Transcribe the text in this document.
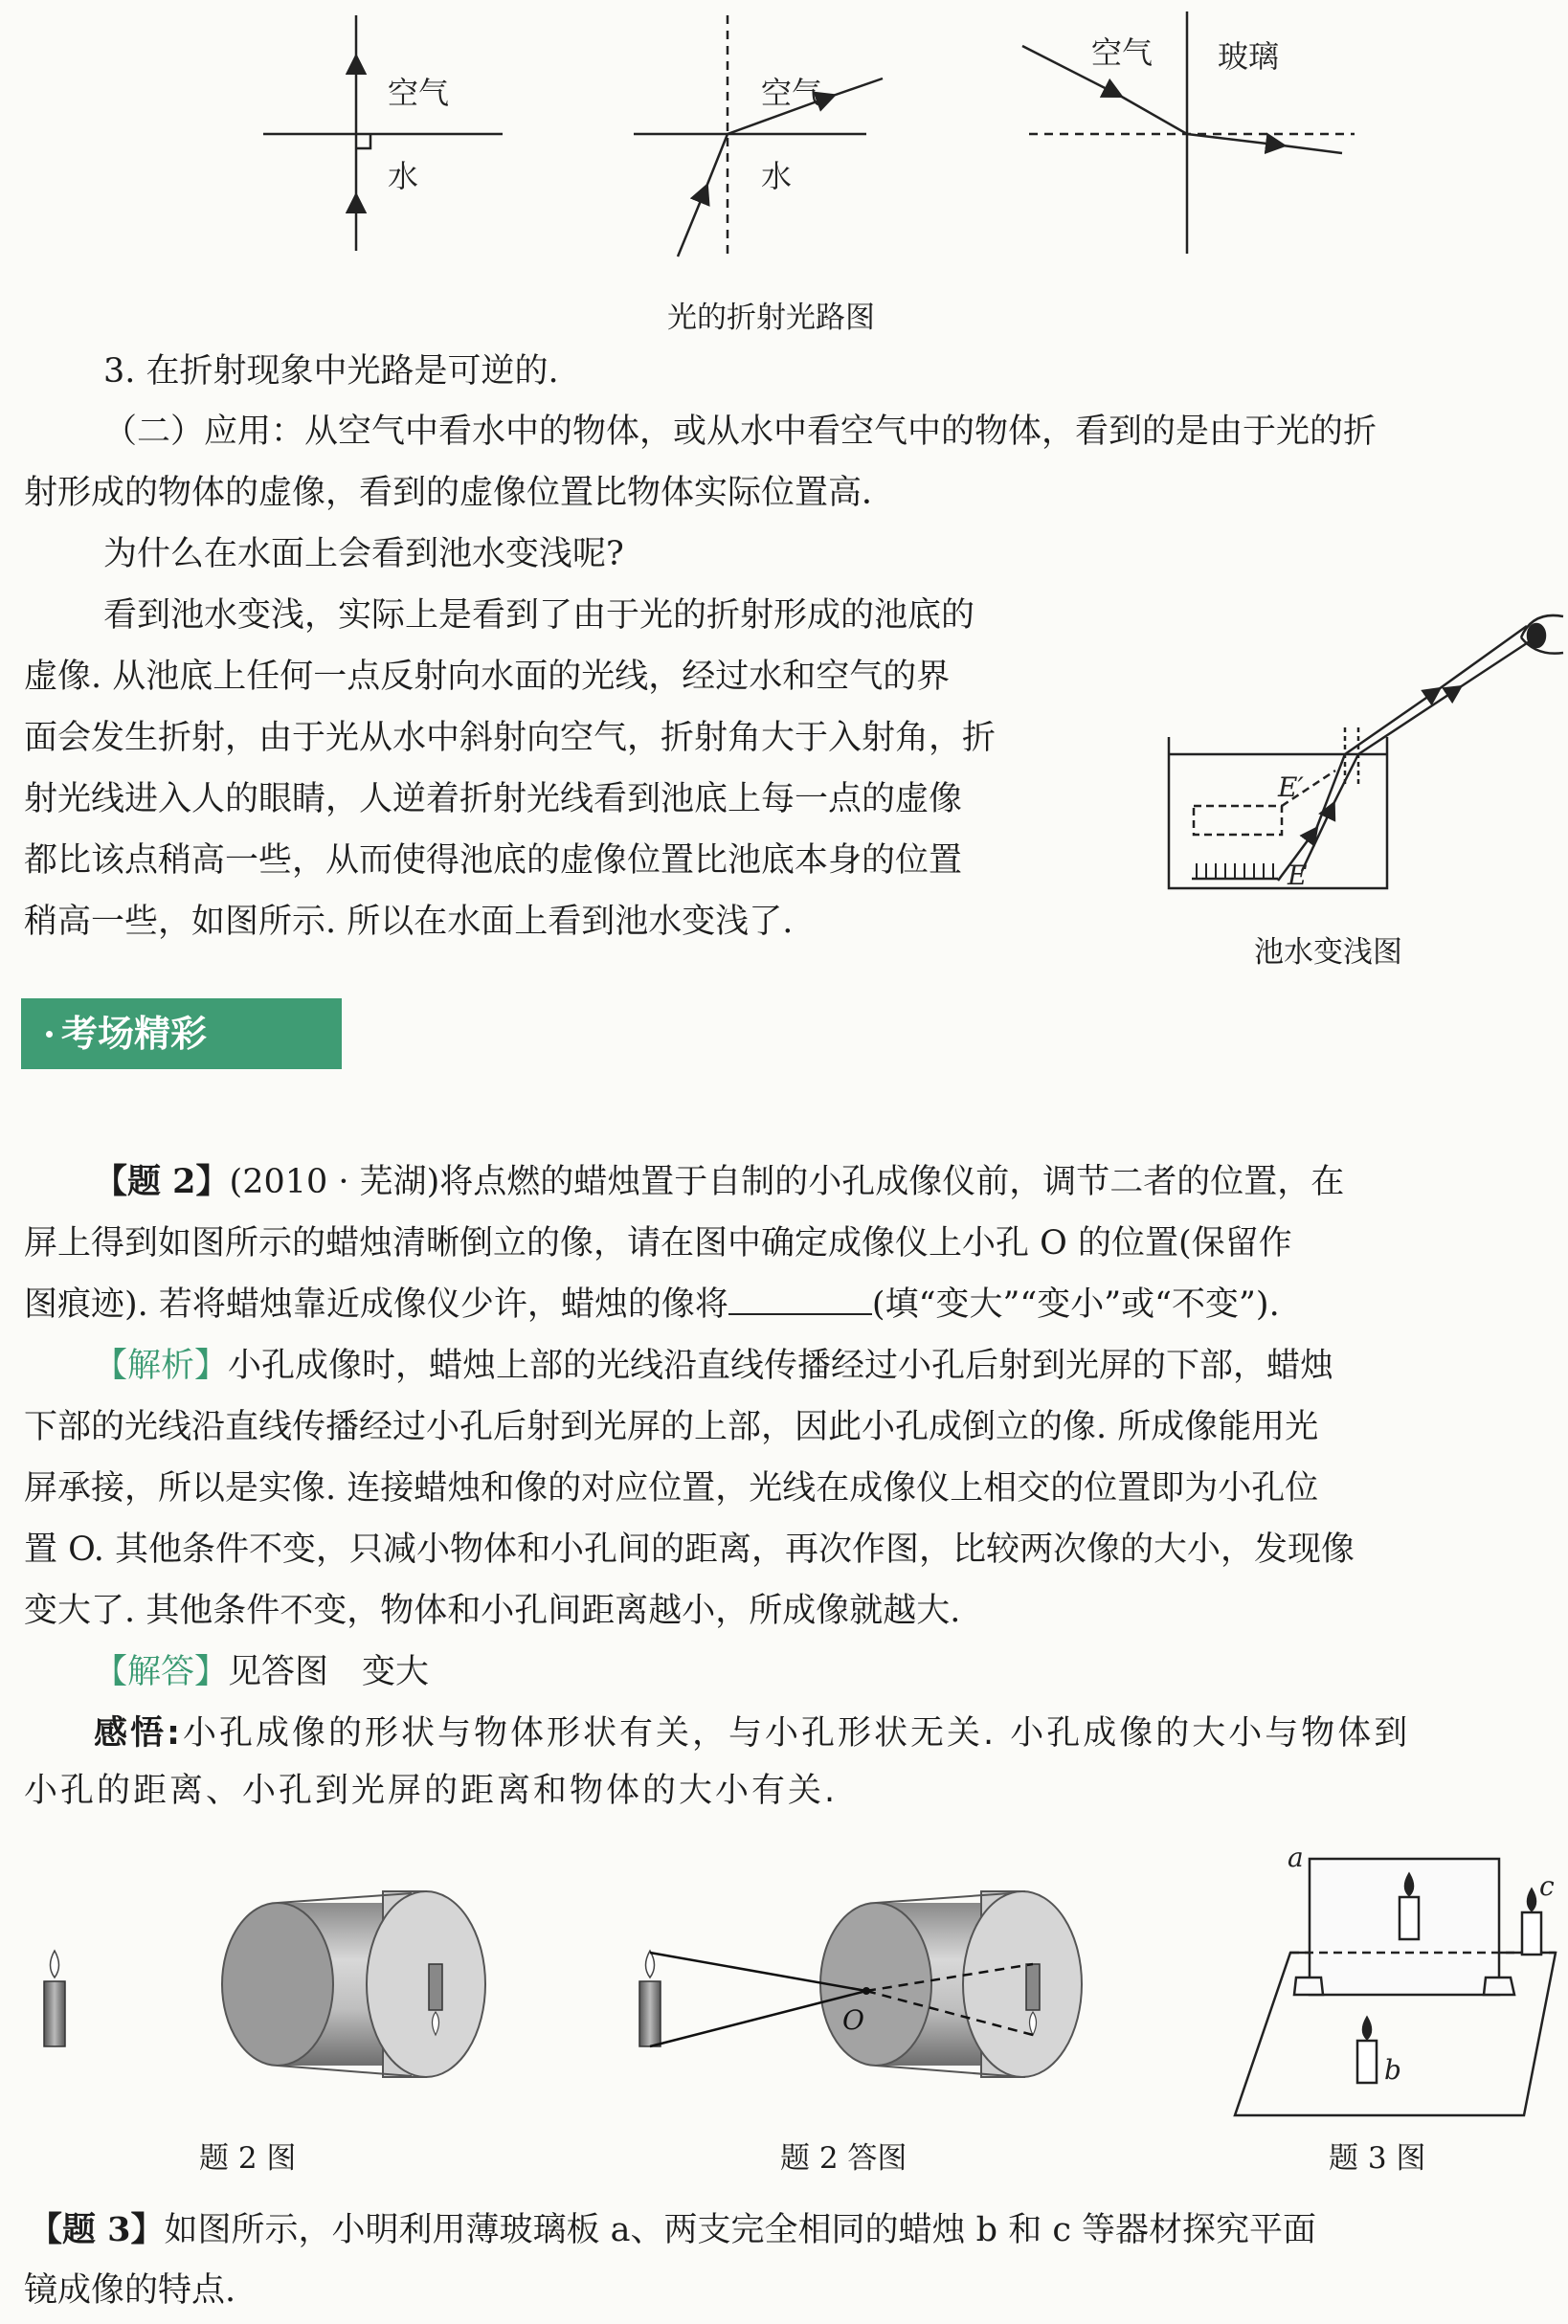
空气
水
空气
水
空气 玻璃
光的折射光路图
3. 在折射现象中光路是可逆的.
（二）应用：从空气中看水中的物体，或从水中看空气中的物体，看到的是由于光的折
射形成的物体的虚像，看到的虚像位置比物体实际位置高．
为什么在水面上会看到池水变浅呢?
看到池水变浅，实际上是看到了由于光的折射形成的池底的
虚像. 从池底上任何一点反射向水面的光线，经过水和空气的界
面会发生折射，由于光从水中斜射向空气，折射角大于入射角，折
射光线进入人的眼睛，人逆着折射光线看到池底上每一点的虚像
都比该点稍高一些，从而使得池底的虚像位置比池底本身的位置
稍高一些，如图所示. 所以在水面上看到池水变浅了.
E′
E
池水变浅图
考场精彩
【题 2】(2010 · 芜湖)将点燃的蜡烛置于自制的小孔成像仪前，调节二者的位置，在
屏上得到如图所示的蜡烛清晰倒立的像，请在图中确定成像仪上小孔 O 的位置(保留作
图痕迹). 若将蜡烛靠近成像仪少许，蜡烛的像将	(填“变大”“变小”或“不变”).
【解析】小孔成像时，蜡烛上部的光线沿直线传播经过小孔后射到光屏的下部，蜡烛
下部的光线沿直线传播经过小孔后射到光屏的上部，因此小孔成倒立的像. 所成像能用光
屏承接，所以是实像. 连接蜡烛和像的对应位置，光线在成像仪上相交的位置即为小孔位
置 O. 其他条件不变，只减小物体和小孔间的距离，再次作图，比较两次像的大小，发现像
变大了. 其他条件不变，物体和小孔间距离越小，所成像就越大.
【解答】见答图　变大
感悟:小孔成像的形状与物体形状有关，与小孔形状无关. 小孔成像的大小与物体到
小孔的距离、小孔到光屏的距离和物体的大小有关.
O
a
b
c
题 2 图	题 2 答图	题 3 图
【题 3】如图所示，小明利用薄玻璃板 a、两支完全相同的蜡烛 b 和 c 等器材探究平面
镜成像的特点.
